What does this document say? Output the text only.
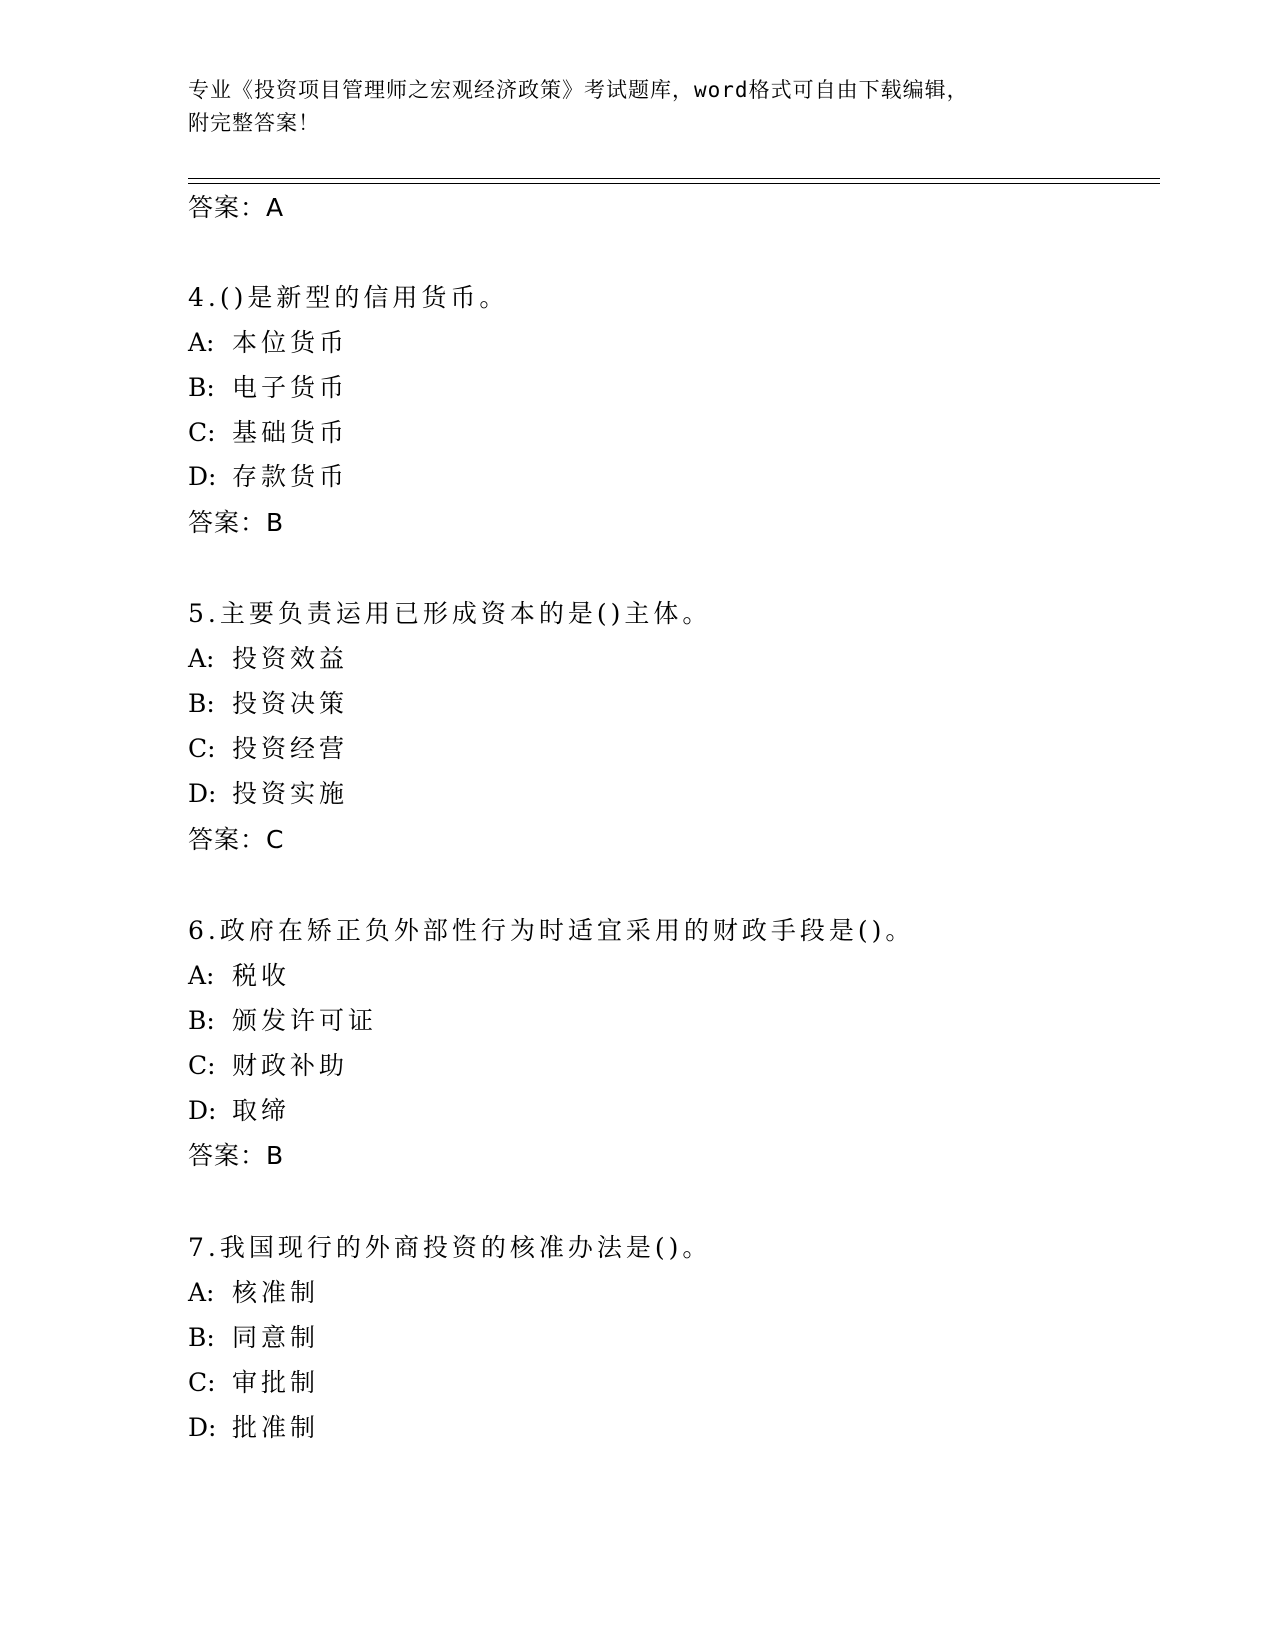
专业《投资项目管理师之宏观经济政策》考试题库，word格式可自由下载编辑，
附完整答案！
答案：A
4.()是新型的信用货币。
A: 本位货币
B: 电子货币
C: 基础货币
D: 存款货币
答案：B
5.主要负责运用已形成资本的是()主体。
A: 投资效益
B: 投资决策
C: 投资经营
D: 投资实施
答案：C
6.政府在矫正负外部性行为时适宜采用的财政手段是()。
A: 税收
B: 颁发许可证
C: 财政补助
D: 取缔
答案：B
7.我国现行的外商投资的核准办法是()。
A: 核准制
B: 同意制
C: 审批制
D: 批准制
